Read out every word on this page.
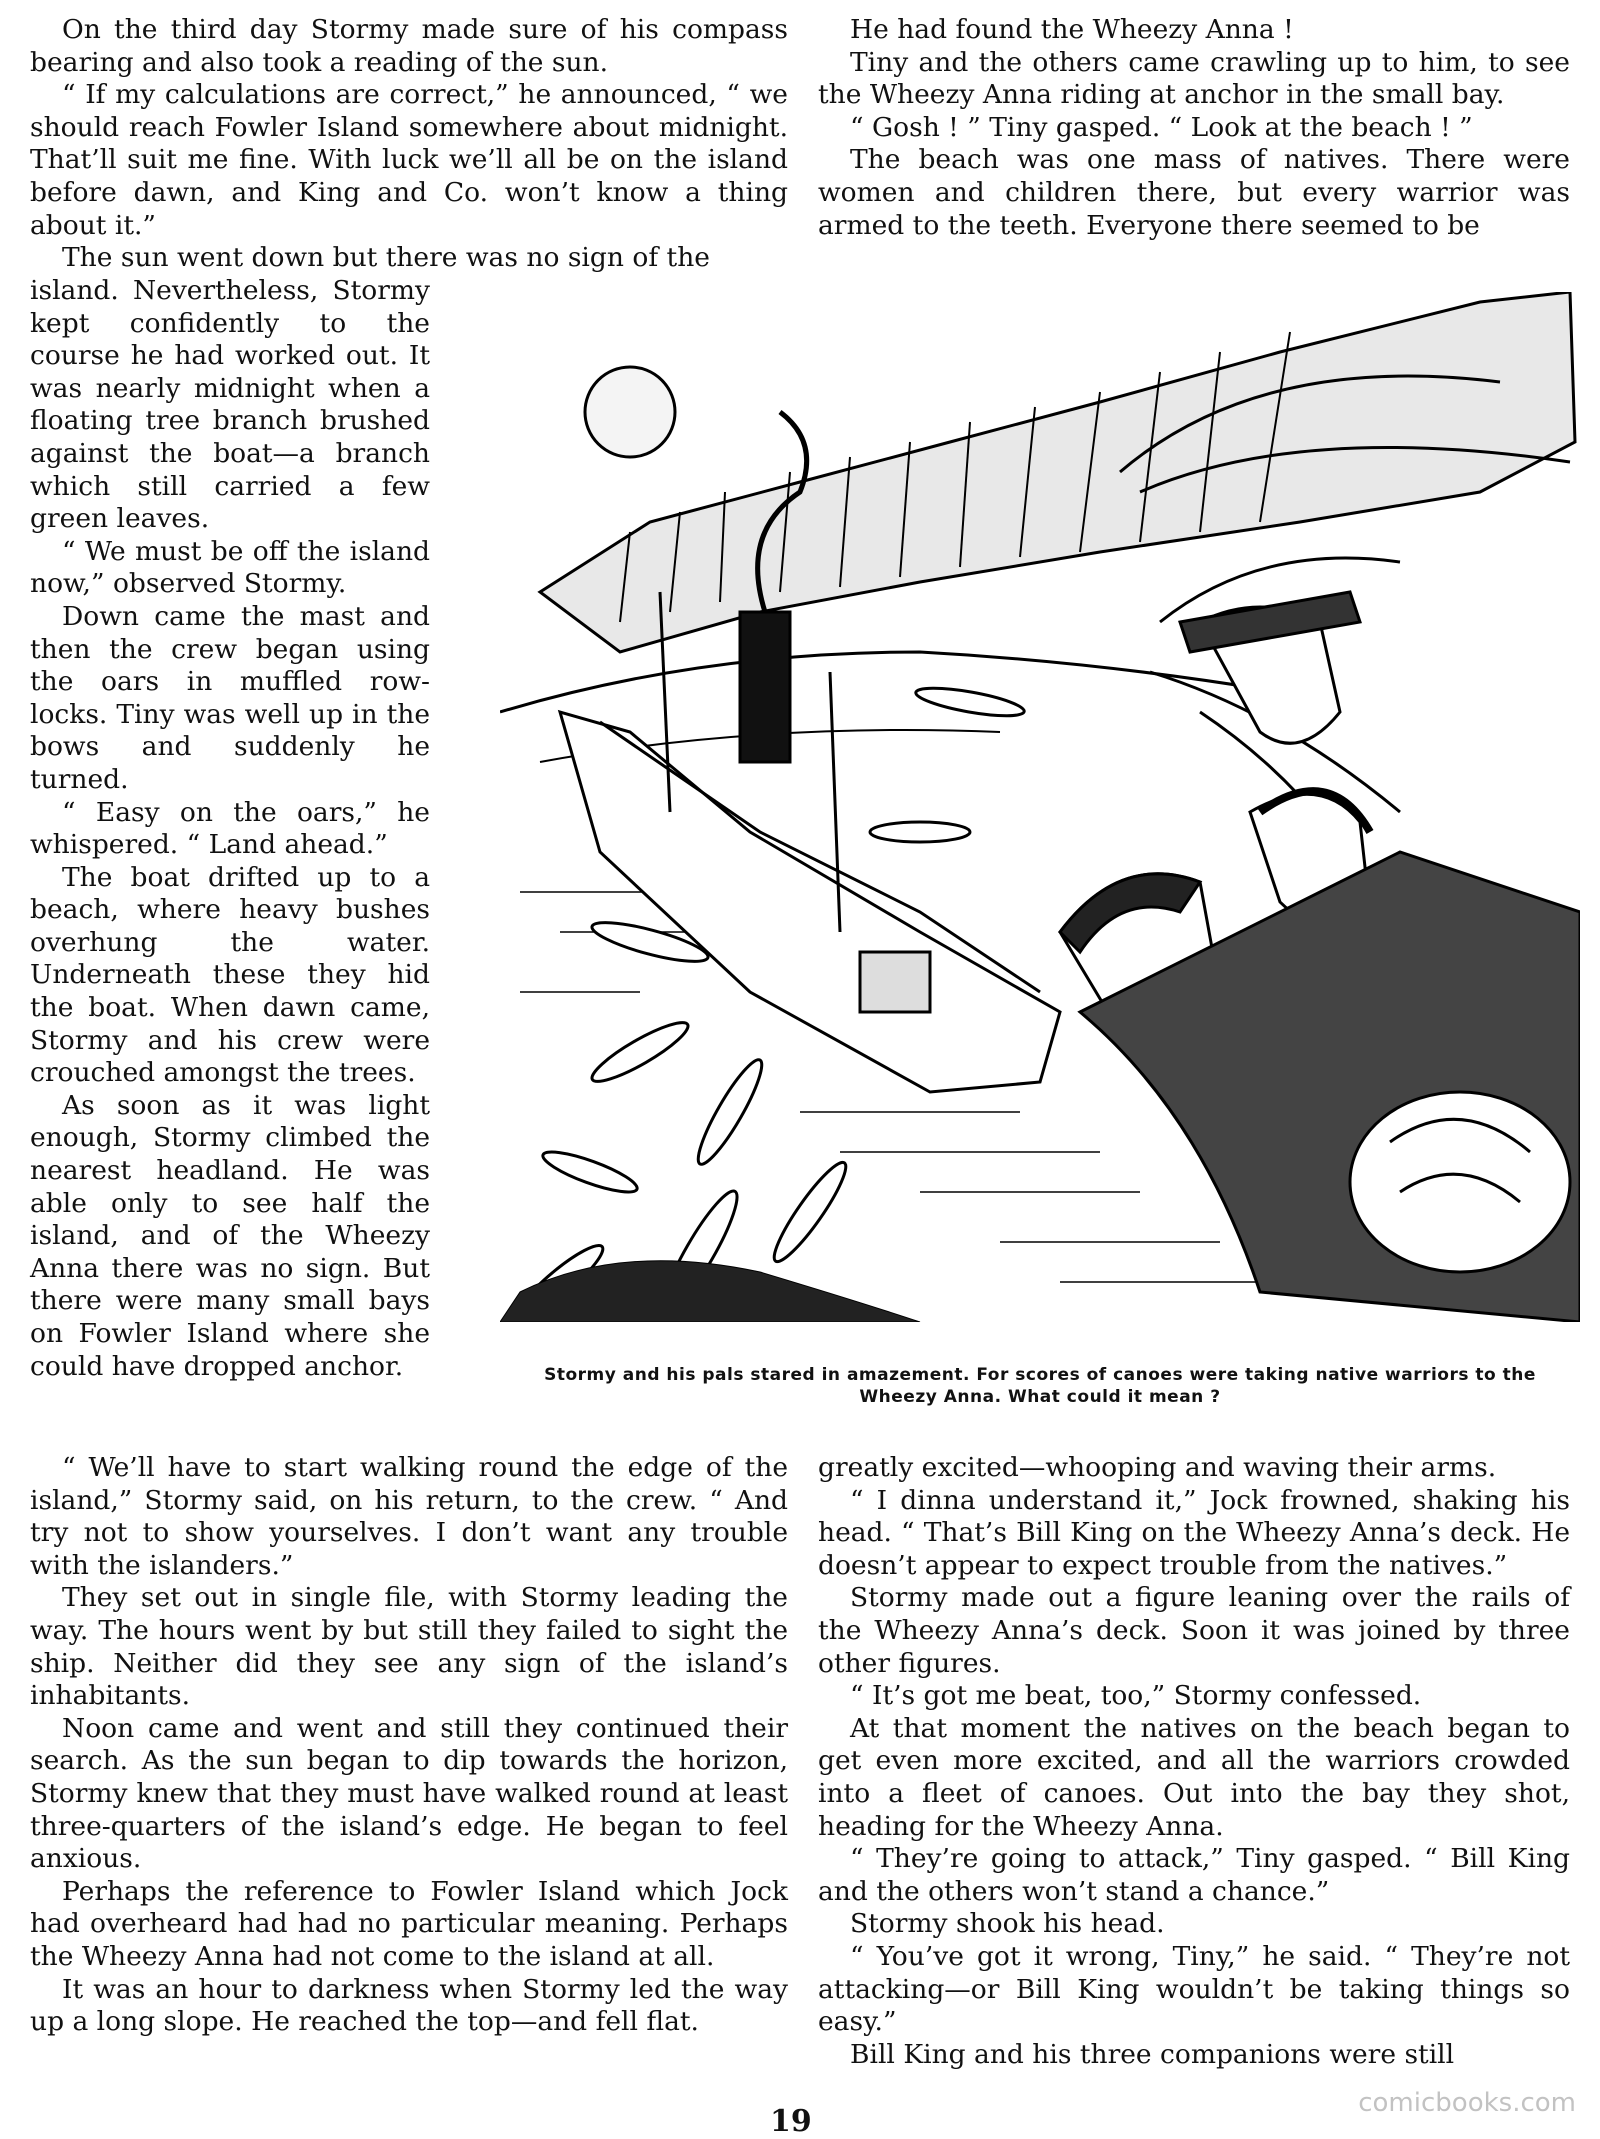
On the third day Stormy made sure of his compass bearing and also took a reading of the sun.

“ If my calculations are correct,” he announced, “ we should reach Fowler Island somewhere about midnight. That’ll suit me fine. With luck we’ll all be on the island before dawn, and King and Co. won’t know a thing about it.”

The sun went down but there was no sign of the

island. Nevertheless, Stormy kept confidently to the course he had worked out. It was nearly midnight when a floating tree branch brushed against the boat—a branch which still carried a few green leaves.

“ We must be off the island now,” observed Stormy.

Down came the mast and then the crew began using the oars in muffled row-locks. Tiny was well up in the bows and suddenly he turned.

“ Easy on the oars,” he whispered. “ Land ahead.”

The boat drifted up to a beach, where heavy bushes overhung the water. Underneath these they hid the boat. When dawn came, Stormy and his crew were crouched amongst the trees.

As soon as it was light enough, Stormy climbed the nearest headland. He was able only to see half the island, and of the Wheezy Anna there was no sign. But there were many small bays on Fowler Island where she could have dropped anchor.

“ We’ll have to start walking round the edge of the island,” Stormy said, on his return, to the crew. “ And try not to show yourselves. I don’t want any trouble with the islanders.”

They set out in single file, with Stormy leading the way. The hours went by but still they failed to sight the ship. Neither did they see any sign of the island’s inhabitants.

Noon came and went and still they continued their search. As the sun began to dip towards the horizon, Stormy knew that they must have walked round at least three-quarters of the island’s edge. He began to feel anxious.

Perhaps the reference to Fowler Island which Jock had overheard had had no particular meaning. Perhaps the Wheezy Anna had not come to the island at all.

It was an hour to darkness when Stormy led the way up a long slope. He reached the top—and fell flat.

He had found the Wheezy Anna !

Tiny and the others came crawling up to him, to see the Wheezy Anna riding at anchor in the small bay.

“ Gosh ! ” Tiny gasped. “ Look at the beach ! ”

The beach was one mass of natives. There were women and children there, but every warrior was armed to the teeth. Everyone there seemed to be

greatly excited—whooping and waving their arms.

“ I dinna understand it,” Jock frowned, shaking his head. “ That’s Bill King on the Wheezy Anna’s deck. He doesn’t appear to expect trouble from the natives.”

Stormy made out a figure leaning over the rails of the Wheezy Anna’s deck. Soon it was joined by three other figures.

“ It’s got me beat, too,” Stormy confessed.

At that moment the natives on the beach began to get even more excited, and all the warriors crowded into a fleet of canoes. Out into the bay they shot, heading for the Wheezy Anna.

“ They’re going to attack,” Tiny gasped. “ Bill King and the others won’t stand a chance.”

Stormy shook his head.

“ You’ve got it wrong, Tiny,” he said. “ They’re not attacking—or Bill King wouldn’t be taking things so easy.”

Bill King and his three companions were still

Stormy and his pals stared in amazement. For scores of canoes were taking native warriors to the Wheezy Anna. What could it mean ?
19
comicbooks.com
